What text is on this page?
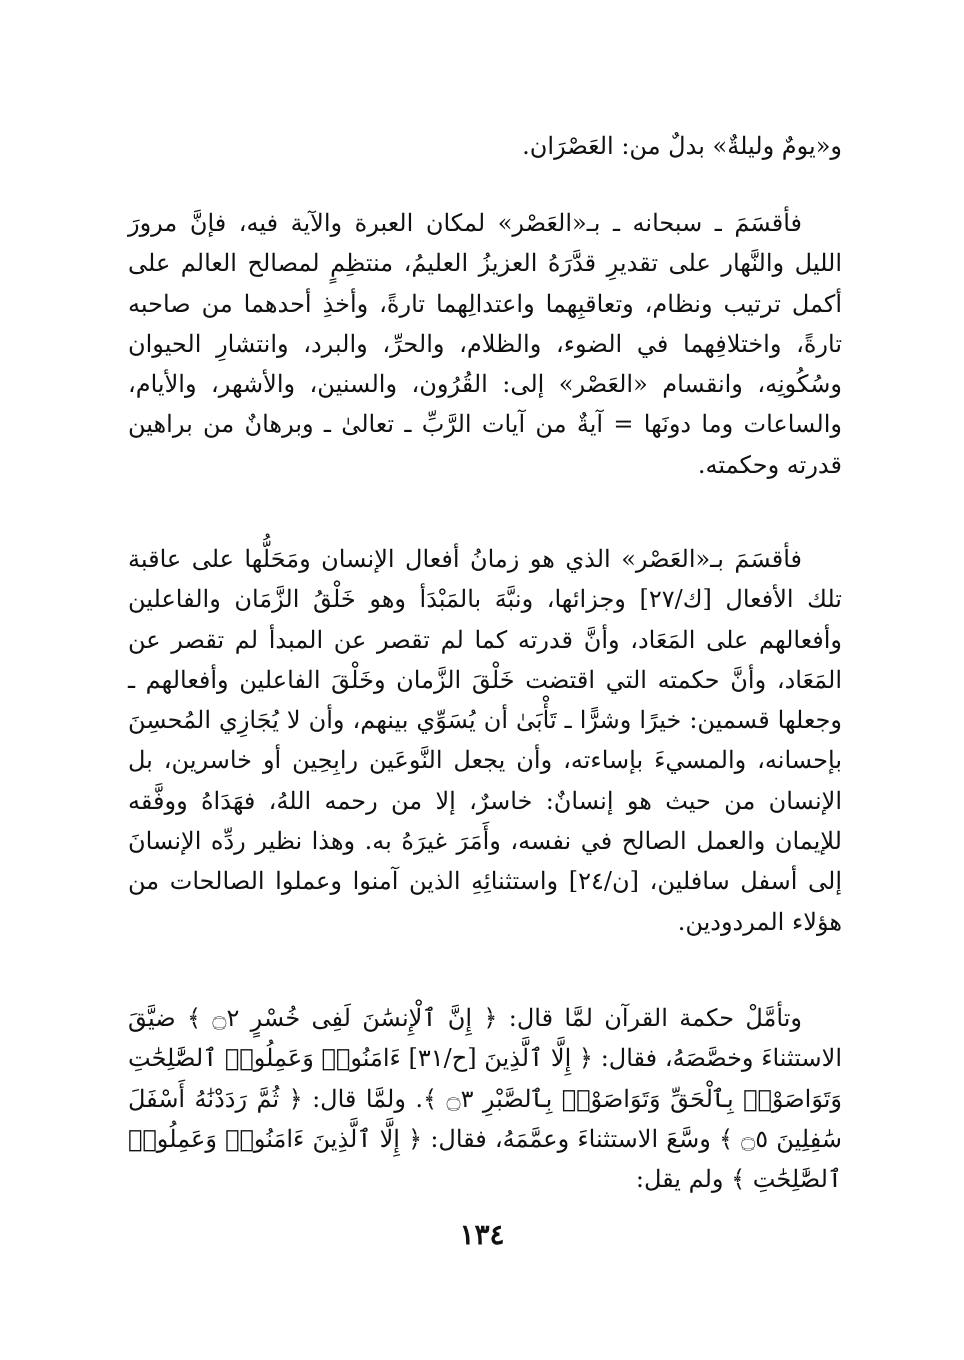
و«يومٌ وليلةٌ» بدلٌ من: العَصْرَان.

فأقسَمَ ـ سبحانه ـ بـ«العَصْر» لمكان العبرة والآية فيه، فإنَّ مرورَ الليل والنَّهار على تقديرِ قدَّرَهُ العزيزُ العليمُ، منتظِمٍ لمصالح العالم على أكمل ترتيب ونظام، وتعاقبِهما واعتدالِهما تارةً، وأخذِ أحدهما من صاحبه تارةً، واختلافِهما في الضوء، والظلام، والحرِّ، والبرد، وانتشارِ الحيوان وسُكُونِه، وانقسام «العَصْر» إلى: القُرُون، والسنين، والأشهر، والأيام، والساعات وما دونَها = آيةٌ من آيات الرَّبِّ ـ تعالىٰ ـ وبرهانٌ من براهين قدرته وحكمته.

فأقسَمَ بـ«العَصْر» الذي هو زمانُ أفعال الإنسان ومَحَلُّها على عاقبة تلك الأفعال [ك/٢٧] وجزائها، ونبَّهَ بالمَبْدَأ وهو خَلْقُ الزَّمَان والفاعلين وأفعالهم على المَعَاد، وأنَّ قدرته كما لم تقصر عن المبدأ لم تقصر عن المَعَاد، وأنَّ حكمته التي اقتضت خَلْقَ الزَّمان وخَلْقَ الفاعلين وأفعالهم ـ وجعلها قسمين: خيرًا وشرًّا ـ تَأْبَىٰ أن يُسَوِّي بينهم، وأن لا يُجَازِي المُحسِنَ بإحسانه، والمسيءَ بإساءته، وأن يجعل النَّوعَين رابِحِين أو خاسرين، بل الإنسان من حيث هو إنسانٌ: خاسرٌ، إلا من رحمه اللهُ، فهَدَاهُ ووفَّقه للإيمان والعمل الصالح في نفسه، وأَمَرَ غيرَهُ به. وهذا نظير ردِّه الإنسانَ إلى أسفل سافلين، [ن/٢٤] واستثنائِهِ الذين آمنوا وعملوا الصالحات من هؤلاء المردودين.

وتأمَّلْ حكمة القرآن لمَّا قال: ﴿ إِنَّ ٱلْإِنسَٰنَ لَفِى خُسْرٍ ۝٢ ﴾ ضيَّقَ الاستثناءَ وخصَّصَهُ، فقال: ﴿ إِلَّا ٱلَّذِينَ [ح/٣١] ءَامَنُوا۟ وَعَمِلُوا۟ ٱلصَّٰلِحَٰتِ وَتَوَاصَوْا۟ بِٱلْحَقِّ وَتَوَاصَوْا۟ بِٱلصَّبْرِ ۝٣ ﴾. ولمَّا قال: ﴿ ثُمَّ رَدَدْنَٰهُ أَسْفَلَ سَٰفِلِينَ ۝٥ ﴾ وسَّعَ الاستثناءَ وعمَّمَهُ، فقال: ﴿ إِلَّا ٱلَّذِينَ ءَامَنُوا۟ وَعَمِلُوا۟ ٱلصَّٰلِحَٰتِ ﴾ ولم يقل:

١٣٤
